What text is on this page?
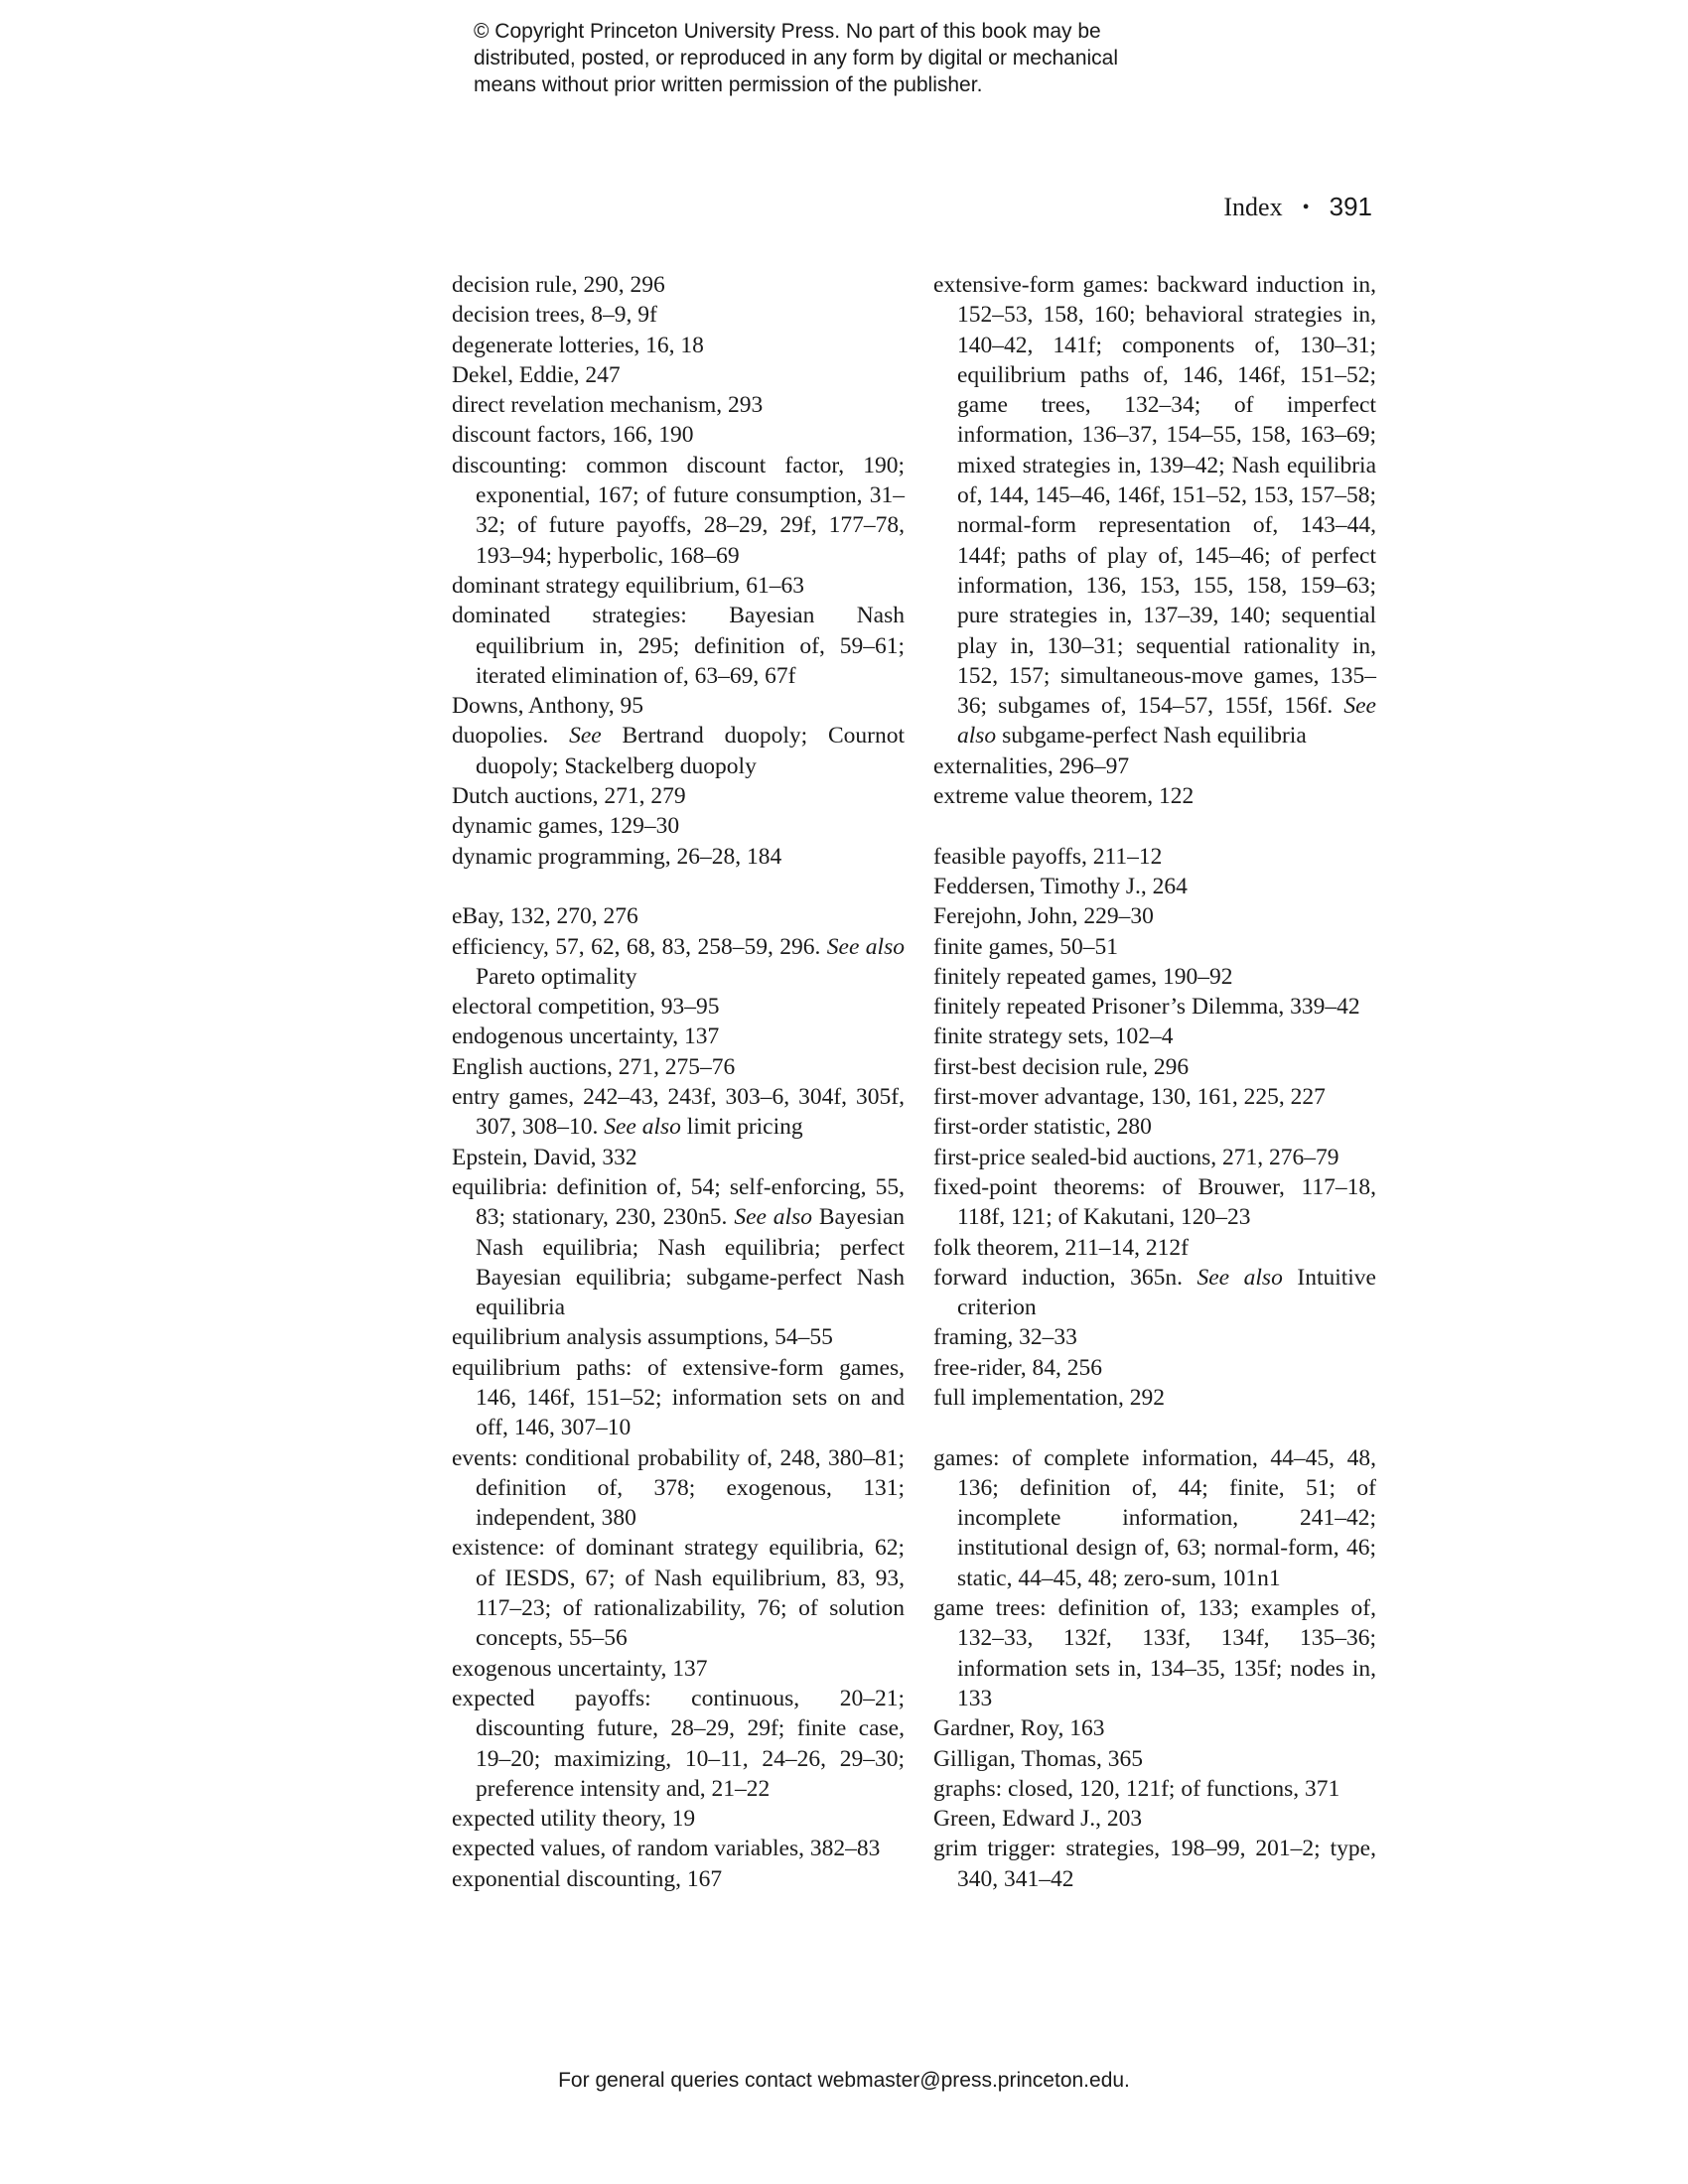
© Copyright Princeton University Press. No part of this book may be

distributed, posted, or reproduced in any form by digital or mechanical

means without prior written permission of the publisher.

Index • 391

decision rule, 290, 296

decision trees, 8–9, 9f

degenerate lotteries, 16, 18

Dekel, Eddie, 247

direct revelation mechanism, 293

discount factors, 166, 190

discounting: common discount factor, 190; exponential, 167; of future consumption, 31–32; of future payoffs, 28–29, 29f, 177–78, 193–94; hyperbolic, 168–69

dominant strategy equilibrium, 61–63

dominated strategies: Bayesian Nash equilibrium in, 295; definition of, 59–61; iterated elimination of, 63–69, 67f

Downs, Anthony, 95

duopolies. See Bertrand duopoly; Cournot duopoly; Stackelberg duopoly

Dutch auctions, 271, 279

dynamic games, 129–30

dynamic programming, 26–28, 184

eBay, 132, 270, 276

efficiency, 57, 62, 68, 83, 258–59, 296. See also Pareto optimality

electoral competition, 93–95

endogenous uncertainty, 137

English auctions, 271, 275–76

entry games, 242–43, 243f, 303–6, 304f, 305f, 307, 308–10. See also limit pricing

Epstein, David, 332

equilibria: definition of, 54; self-enforcing, 55, 83; stationary, 230, 230n5. See also Bayesian Nash equilibria; Nash equilibria; perfect Bayesian equilibria; subgame-perfect Nash equilibria

equilibrium analysis assumptions, 54–55

equilibrium paths: of extensive-form games, 146, 146f, 151–52; information sets on and off, 146, 307–10

events: conditional probability of, 248, 380–81; definition of, 378; exogenous, 131; independent, 380

existence: of dominant strategy equilibria, 62; of IESDS, 67; of Nash equilibrium, 83, 93, 117–23; of rationalizability, 76; of solution concepts, 55–56

exogenous uncertainty, 137

expected payoffs: continuous, 20–21; discounting future, 28–29, 29f; finite case, 19–20; maximizing, 10–11, 24–26, 29–30; preference intensity and, 21–22

expected utility theory, 19

expected values, of random variables, 382–83

exponential discounting, 167

extensive-form games: backward induction in, 152–53, 158, 160; behavioral strategies in, 140–42, 141f; components of, 130–31; equilibrium paths of, 146, 146f, 151–52; game trees, 132–34; of imperfect information, 136–37, 154–55, 158, 163–69; mixed strategies in, 139–42; Nash equilibria of, 144, 145–46, 146f, 151–52, 153, 157–58; normal-form representation of, 143–44, 144f; paths of play of, 145–46; of perfect information, 136, 153, 155, 158, 159–63; pure strategies in, 137–39, 140; sequential play in, 130–31; sequential rationality in, 152, 157; simultaneous-move games, 135–36; subgames of, 154–57, 155f, 156f. See also subgame-perfect Nash equilibria

externalities, 296–97

extreme value theorem, 122

feasible payoffs, 211–12

Feddersen, Timothy J., 264

Ferejohn, John, 229–30

finite games, 50–51

finitely repeated games, 190–92

finitely repeated Prisoner’s Dilemma, 339–42

finite strategy sets, 102–4

first-best decision rule, 296

first-mover advantage, 130, 161, 225, 227

first-order statistic, 280

first-price sealed-bid auctions, 271, 276–79

fixed-point theorems: of Brouwer, 117–18, 118f, 121; of Kakutani, 120–23

folk theorem, 211–14, 212f

forward induction, 365n. See also Intuitive criterion

framing, 32–33

free-rider, 84, 256

full implementation, 292

games: of complete information, 44–45, 48, 136; definition of, 44; finite, 51; of incomplete information, 241–42; institutional design of, 63; normal-form, 46; static, 44–45, 48; zero-sum, 101n1

game trees: definition of, 133; examples of, 132–33, 132f, 133f, 134f, 135–36; information sets in, 134–35, 135f; nodes in, 133

Gardner, Roy, 163

Gilligan, Thomas, 365

graphs: closed, 120, 121f; of functions, 371

Green, Edward J., 203

grim trigger: strategies, 198–99, 201–2; type, 340, 341–42

For general queries contact webmaster@press.princeton.edu.
